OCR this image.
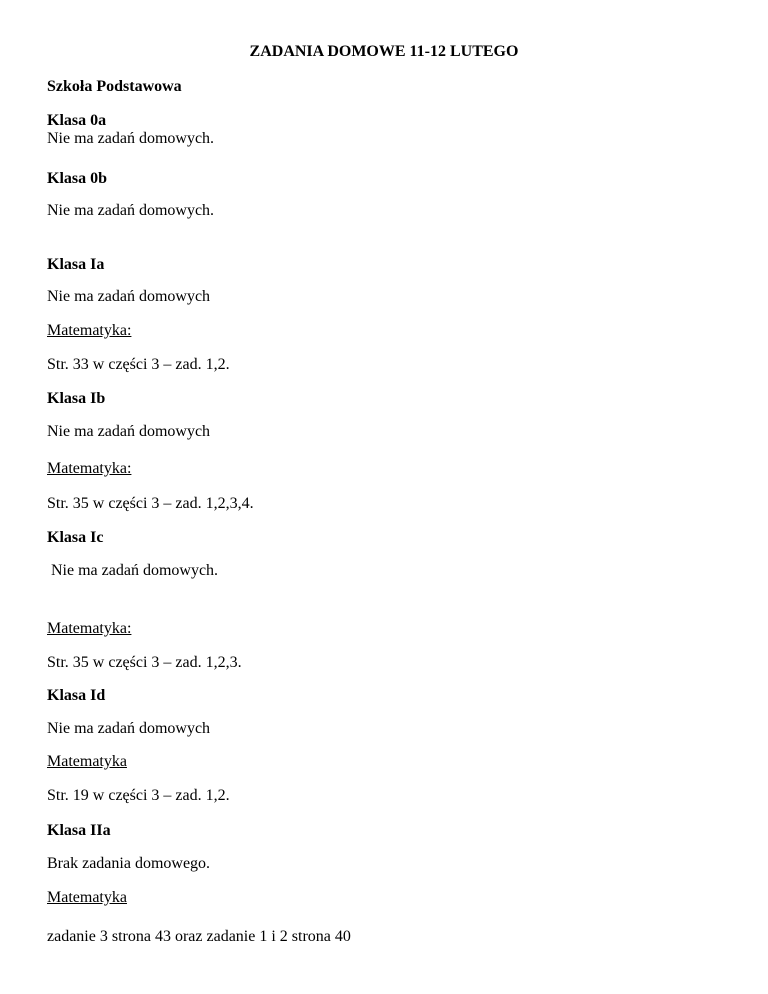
ZADANIA DOMOWE 11-12 LUTEGO
Szkoła Podstawowa
Klasa 0a
Nie ma zadań domowych.
Klasa 0b
Nie ma zadań domowych.
Klasa Ia
Nie ma zadań domowych
Matematyka:
Str. 33 w części 3 – zad. 1,2.
Klasa Ib
Nie ma zadań domowych
Matematyka:
Str. 35 w części 3 – zad. 1,2,3,4.
Klasa Ic
Nie ma zadań domowych.
Matematyka:
Str. 35 w części 3 – zad. 1,2,3.
Klasa Id
Nie ma zadań domowych
Matematyka
Str. 19 w części 3 – zad. 1,2.
Klasa IIa
Brak zadania domowego.
Matematyka
zadanie 3 strona 43 oraz zadanie 1 i 2 strona 40
